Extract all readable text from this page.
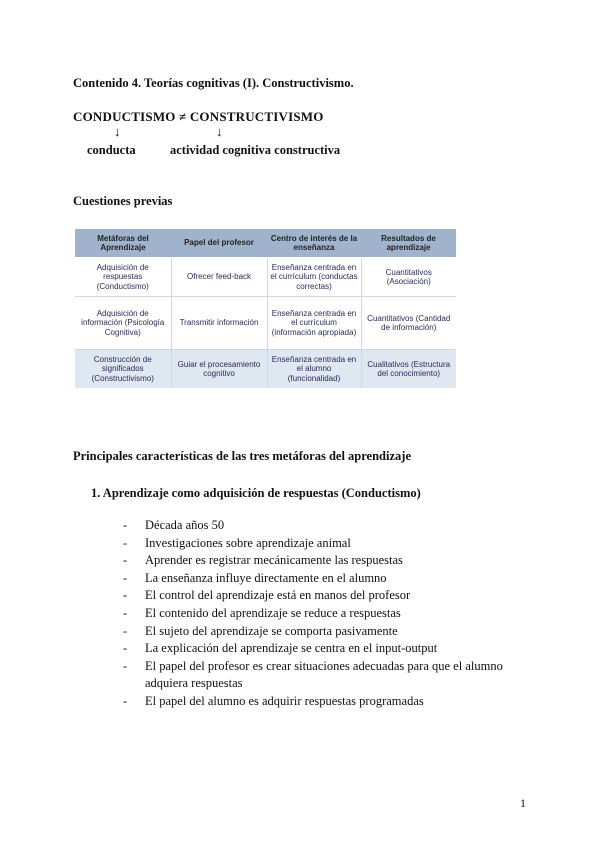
Contenido 4. Teorías cognitivas (I). Constructivismo.
CONDUCTISMO ≠ CONSTRUCTIVISMO
↓	↓
conducta	actividad cognitiva constructiva
Cuestiones previas
Metáforas del Aprendizaje	Papel del profesor	Centro de interés de la enseñanza	Resultados de aprendizaje
Adquisición de respuestas (Conductismo)	Ofrecer feed-back	Enseñanza centrada en el currículum (conductas correctas)	Cuantitativos (Asociación)
Adquisición de información (Psicología Cognitiva)	Transmitir información	Enseñanza centrada en el currículum (información apropiada)	Cuantitativos (Cantidad de información)
Construcción de significados (Constructivismo)	Guiar el procesamiento cognitivo	Enseñanza centrada en el alumno (funcionalidad)	Cualitativos (Estructura del conocimiento)
Principales características de las tres metáforas del aprendizaje
1. Aprendizaje como adquisición de respuestas (Conductismo)
- Década años 50
- Investigaciones sobre aprendizaje animal
- Aprender es registrar mecánicamente las respuestas
- La enseñanza influye directamente en el alumno
- El control del aprendizaje está en manos del profesor
- El contenido del aprendizaje se reduce a respuestas
- El sujeto del aprendizaje se comporta pasivamente
- La explicación del aprendizaje se centra en el input-output
- El papel del profesor es crear situaciones adecuadas para que el alumno adquiera respuestas
- El papel del alumno es adquirir respuestas programadas
1
